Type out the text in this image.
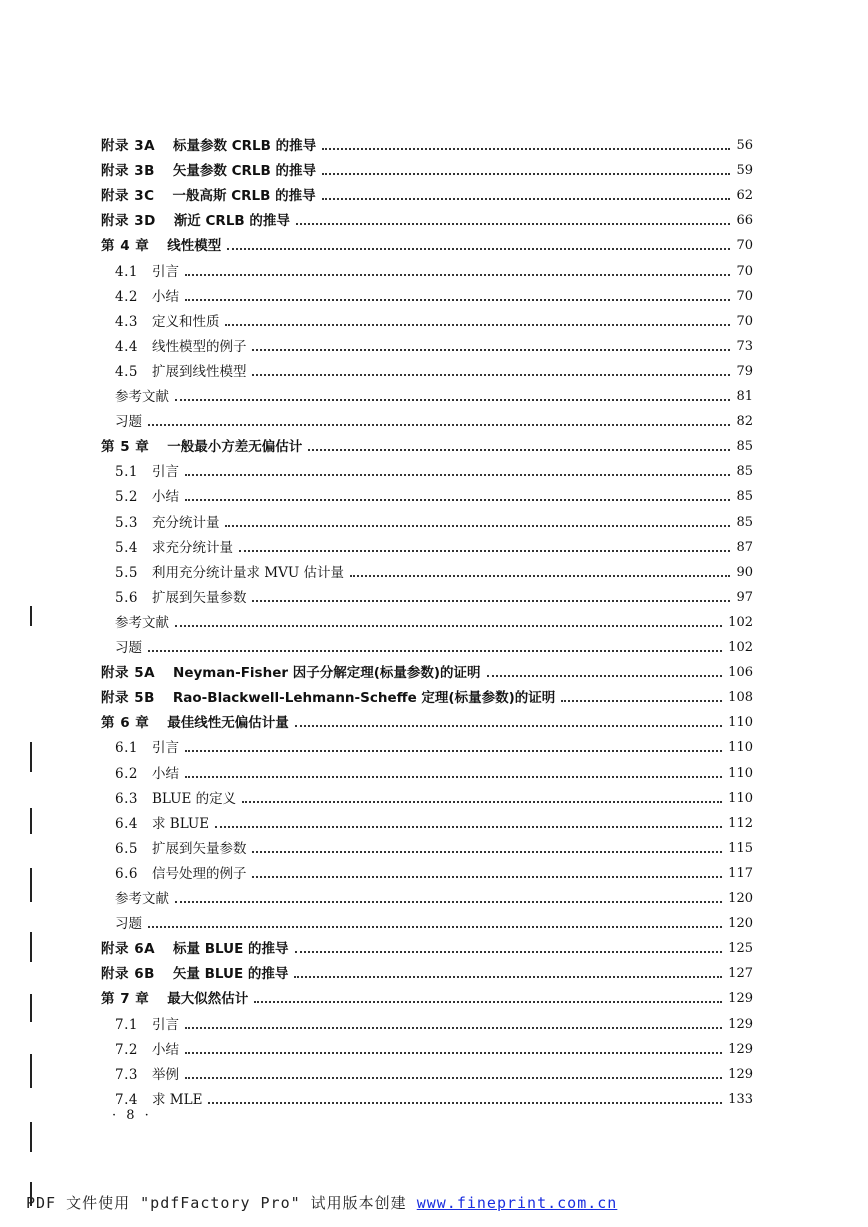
附录 3A 标量参数 CRLB 的推导	56
附录 3B 矢量参数 CRLB 的推导	59
附录 3C 一般高斯 CRLB 的推导	62
附录 3D 渐近 CRLB 的推导	66
第 4 章 线性模型	70
4.1 引言	70
4.2 小结	70
4.3 定义和性质	70
4.4 线性模型的例子	73
4.5 扩展到线性模型	79
参考文献	81
习题	82
第 5 章 一般最小方差无偏估计	85
5.1 引言	85
5.2 小结	85
5.3 充分统计量	85
5.4 求充分统计量	87
5.5 利用充分统计量求 MVU 估计量	90
5.6 扩展到矢量参数	97
参考文献	102
习题	102
附录 5A Neyman-Fisher 因子分解定理(标量参数)的证明	106
附录 5B Rao-Blackwell-Lehmann-Scheffe 定理(标量参数)的证明	108
第 6 章 最佳线性无偏估计量	110
6.1 引言	110
6.2 小结	110
6.3 BLUE 的定义	110
6.4 求 BLUE	112
6.5 扩展到矢量参数	115
6.6 信号处理的例子	117
参考文献	120
习题	120
附录 6A 标量 BLUE 的推导	125
附录 6B 矢量 BLUE 的推导	127
第 7 章 最大似然估计	129
7.1 引言	129
7.2 小结	129
7.3 举例	129
7.4 求 MLE	133
· 8 ·
PDF 文件使用 "pdfFactory Pro" 试用版本创建 www.fineprint.com.cn
